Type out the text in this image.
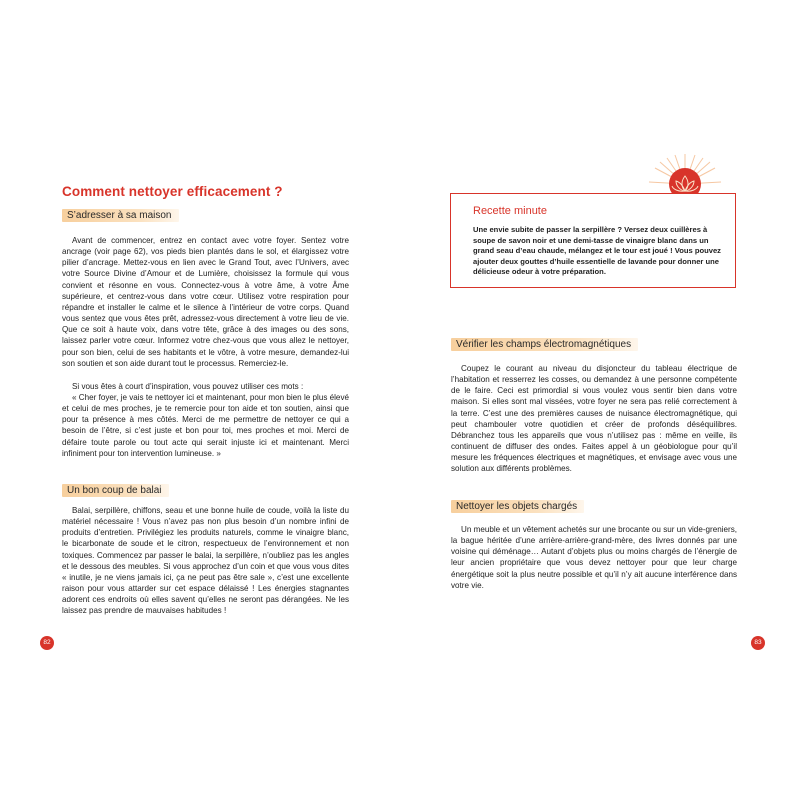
Comment nettoyer efficacement ?
S’adresser à sa maison

Avant de commencer, entrez en contact avec votre foyer. Sentez votre ancrage (voir page 62), vos pieds bien plantés dans le sol, et élargissez votre pilier d’ancrage. Mettez-vous en lien avec le Grand Tout, avec l’Univers, avec votre Source Divine d’Amour et de Lumière, choisissez la formule qui vous convient et résonne en vous. Connectez-vous à votre âme, à votre Âme supérieure, et centrez-vous dans votre cœur. Utilisez votre respiration pour répandre et installer le calme et le silence à l’intérieur de votre corps. Quand vous sentez que vous êtes prêt, adressez-vous directement à votre lieu de vie. Que ce soit à haute voix, dans votre tête, grâce à des images ou des sons, laissez parler votre cœur. Informez votre chez-vous que vous allez le nettoyer, pour son bien, celui de ses habitants et le vôtre, à votre mesure, demandez-lui son soutien et son aide durant tout le processus. Remerciez-le.

Si vous êtes à court d’inspiration, vous pouvez utiliser ces mots :

« Cher foyer, je vais te nettoyer ici et maintenant, pour mon bien le plus élevé et celui de mes proches, je te remercie pour ton aide et ton soutien, ainsi que pour ta présence à mes côtés. Merci de me permettre de nettoyer ce qui a besoin de l’être, si c’est juste et bon pour toi, mes proches et moi. Merci de défaire toute parole ou tout acte qui serait injuste ici et maintenant. Merci infiniment pour ton intervention lumineuse. »

Un bon coup de balai

Balai, serpillère, chiffons, seau et une bonne huile de coude, voilà la liste du matériel nécessaire ! Vous n’avez pas non plus besoin d’un nombre infini de produits d’entretien. Privilégiez les produits naturels, comme le vinaigre blanc, le bicarbonate de soude et le citron, respectueux de l’environnement et non toxiques. Commencez par passer le balai, la serpillère, n’oubliez pas les angles et le dessous des meubles. Si vous approchez d’un coin et que vous vous dites « inutile, je ne viens jamais ici, ça ne peut pas être sale », c’est une excellente raison pour vous attarder sur cet espace délaissé ! Les énergies stagnantes adorent ces endroits où elles savent qu’elles ne seront pas dérangées. Ne les laissez pas prendre de mauvaises habitudes !

82
Recette minute

Une envie subite de passer la serpillère ? Versez deux cuillères à soupe de savon noir et une demi-tasse de vinaigre blanc dans un grand seau d’eau chaude, mélangez et le tour est joué ! Vous pouvez ajouter deux gouttes d’huile essentielle de lavande pour donner une délicieuse odeur à votre préparation.

Vérifier les champs électromagnétiques

Coupez le courant au niveau du disjoncteur du tableau électrique de l’habitation et resserrez les cosses, ou demandez à une personne compétente de le faire. Ceci est primordial si vous voulez vous sentir bien dans votre maison. Si elles sont mal vissées, votre foyer ne sera pas relié correctement à la terre. C’est une des premières causes de nuisance électromagnétique, qui peut chambouler votre quotidien et créer de profonds déséquilibres. Débranchez tous les appareils que vous n’utilisez pas : même en veille, ils continuent de diffuser des ondes. Faites appel à un géobiologue pour qu’il mesure les fréquences électriques et magnétiques, et envisage avec vous une solution aux différents problèmes.

Nettoyer les objets chargés

Un meuble et un vêtement achetés sur une brocante ou sur un vide-greniers, la bague héritée d’une arrière-arrière-grand-mère, des livres donnés par une voisine qui déménage… Autant d’objets plus ou moins chargés de l’énergie de leur ancien propriétaire que vous devez nettoyer pour que leur charge énergétique soit la plus neutre possible et qu’il n’y ait aucune interférence dans votre vie.

83
